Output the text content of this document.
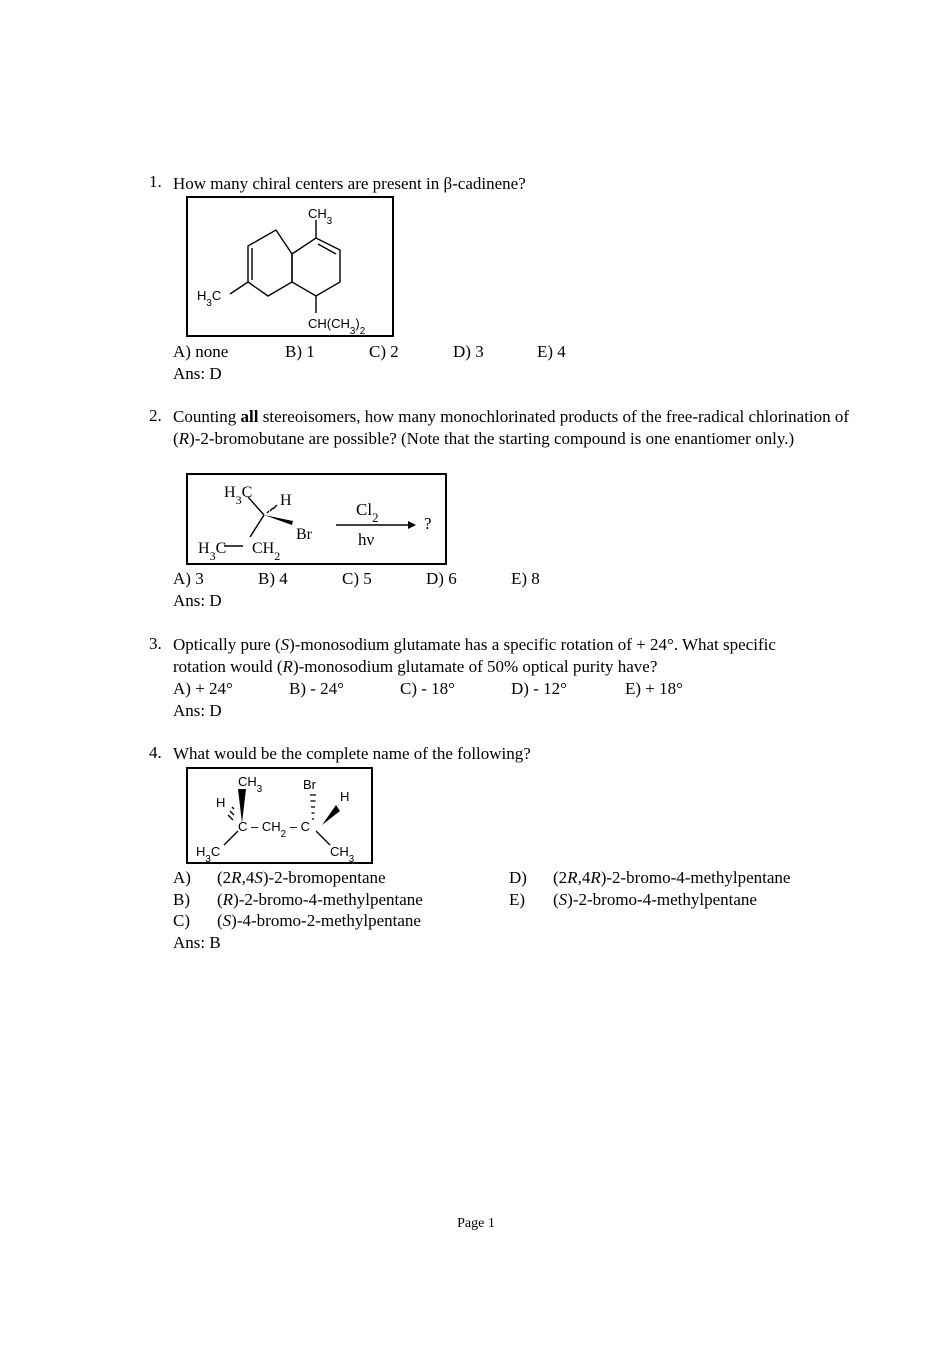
1. How many chiral centers are present in β-cadinene?
$CH_3$
$H_3C$
$CH(CH_3)_2$
A) none	B) 1	C) 2	D) 3	E) 4
Ans: D
2. Counting all stereoisomers, how many monochlorinated products of the free-radical chlorination of (R)-2-bromobutane are possible? (Note that the starting compound is one enantiomer only.)
$H_3C$ H
Br
$H_3C$ $CH_2$
$Cl_2$
hν
?
A) 3	B) 4	C) 5	D) 6	E) 8
Ans: D
3. Optically pure (S)-monosodium glutamate has a specific rotation of + 24°. What specific rotation would (R)-monosodium glutamate of 50% optical purity have?
A) + 24°	B) - 24°	C) - 18°	D) - 12°	E) + 18°
Ans: D
4. What would be the complete name of the following?
$CH_3$	Br
H	H
C – $CH_2$ – C
$H_3C$	$CH_3$
A) (2R,4S)-2-bromopentane
B) (R)-2-bromo-4-methylpentane
C) (S)-4-bromo-2-methylpentane
D) (2R,4R)-2-bromo-4-methylpentane
E) (S)-2-bromo-4-methylpentane
Ans: B
Page 1
